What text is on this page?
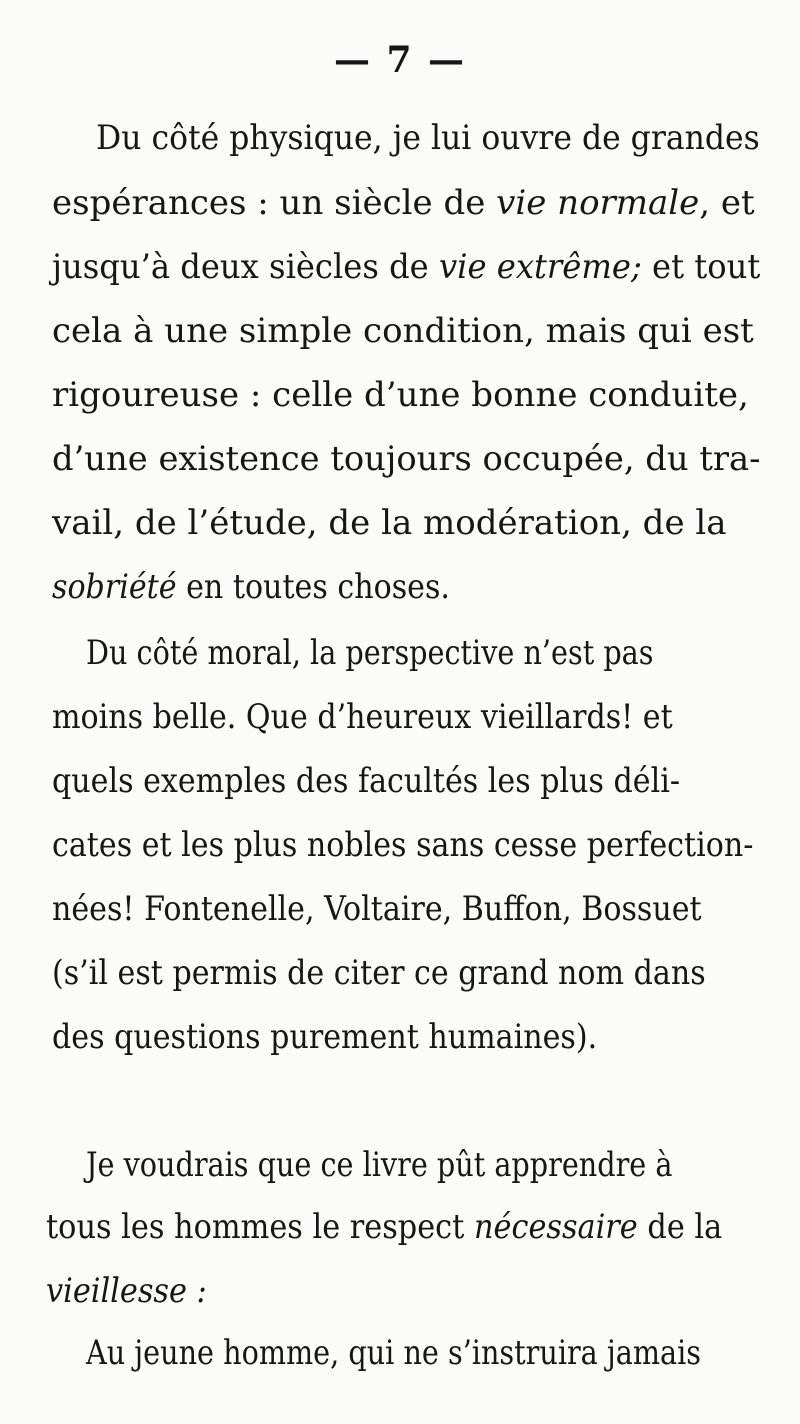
— 7 —
Du côté physique, je lui ouvre de grandes
espérances : un siècle de vie normale, et
jusqu’à deux siècles de vie extrême; et tout
cela à une simple condition, mais qui est
rigoureuse : celle d’une bonne conduite,
d’une existence toujours occupée, du tra-
vail, de l’étude, de la modération, de la
sobriété en toutes choses.
Du côté moral, la perspective n’est pas
moins belle. Que d’heureux vieillards! et
quels exemples des facultés les plus déli-
cates et les plus nobles sans cesse perfection-
nées! Fontenelle, Voltaire, Buffon, Bossuet
(s’il est permis de citer ce grand nom dans
des questions purement humaines).
Je voudrais que ce livre pût apprendre à
tous les hommes le respect nécessaire de la
vieillesse :
Au jeune homme, qui ne s’instruira jamais
